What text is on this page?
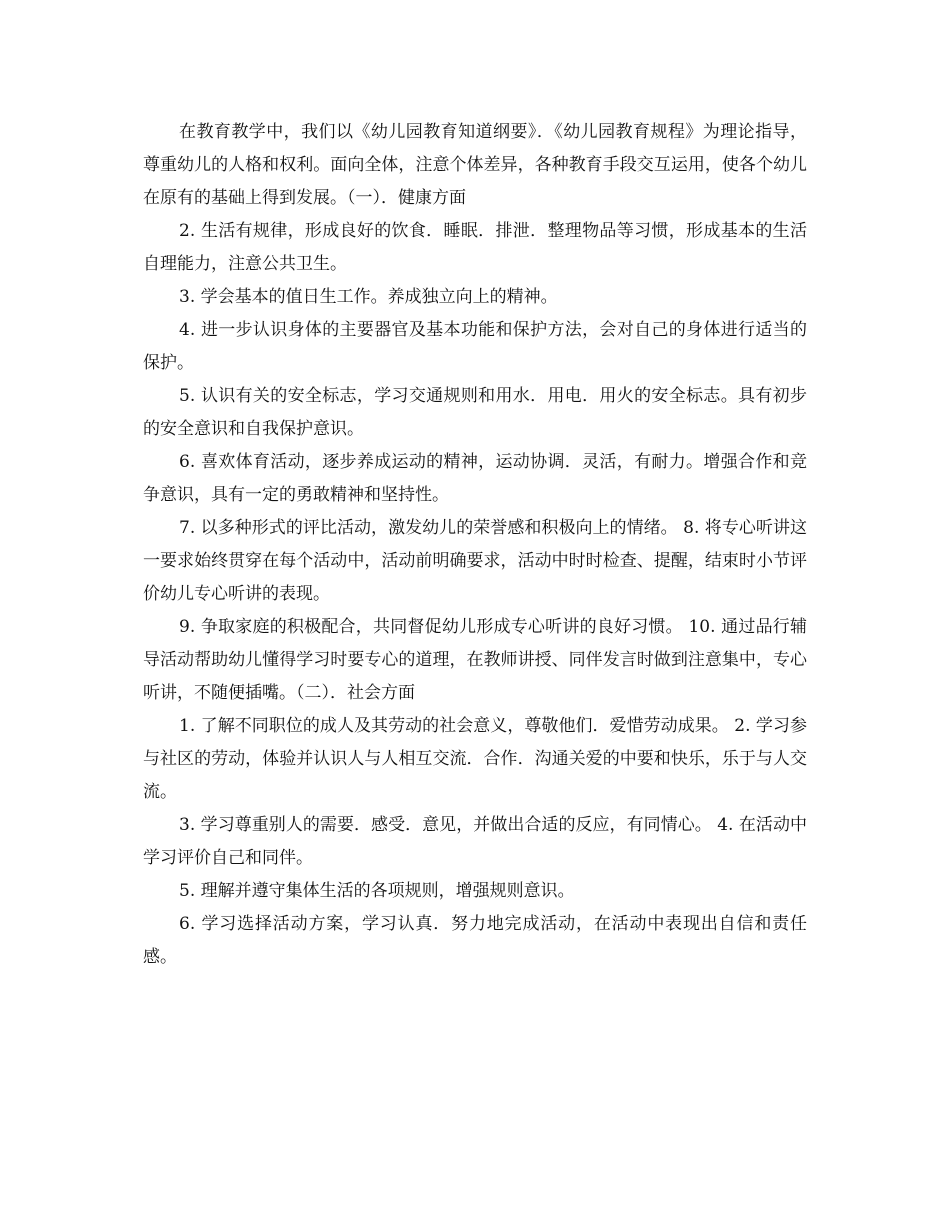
在教育教学中，我们以《幼儿园教育知道纲要》．《幼儿园教育规程》为理论指导，尊重幼儿的人格和权利。面向全体，注意个体差异，各种教育手段交互运用，使各个幼儿在原有的基础上得到发展。（一）．健康方面

2. 生活有规律，形成良好的饮食．睡眠．排泄．整理物品等习惯，形成基本的生活自理能力，注意公共卫生。

3. 学会基本的值日生工作。养成独立向上的精神。

4. 进一步认识身体的主要器官及基本功能和保护方法，会对自己的身体进行适当的保护。

5. 认识有关的安全标志，学习交通规则和用水．用电．用火的安全标志。具有初步的安全意识和自我保护意识。

6. 喜欢体育活动，逐步养成运动的精神，运动协调．灵活，有耐力。增强合作和竞争意识，具有一定的勇敢精神和坚持性。

7. 以多种形式的评比活动，激发幼儿的荣誉感和积极向上的情绪。 8. 将专心听讲这一要求始终贯穿在每个活动中，活动前明确要求，活动中时时检查、提醒，结束时小节评价幼儿专心听讲的表现。

9. 争取家庭的积极配合，共同督促幼儿形成专心听讲的良好习惯。 10. 通过品行辅导活动帮助幼儿懂得学习时要专心的道理，在教师讲授、同伴发言时做到注意集中，专心听讲，不随便插嘴。（二）．社会方面

1. 了解不同职位的成人及其劳动的社会意义，尊敬他们．爱惜劳动成果。 2. 学习参与社区的劳动，体验并认识人与人相互交流．合作．沟通关爱的中要和快乐，乐于与人交流。

3. 学习尊重别人的需要．感受．意见，并做出合适的反应，有同情心。 4. 在活动中学习评价自己和同伴。

5. 理解并遵守集体生活的各项规则，增强规则意识。

6. 学习选择活动方案，学习认真．努力地完成活动，在活动中表现出自信和责任感。
